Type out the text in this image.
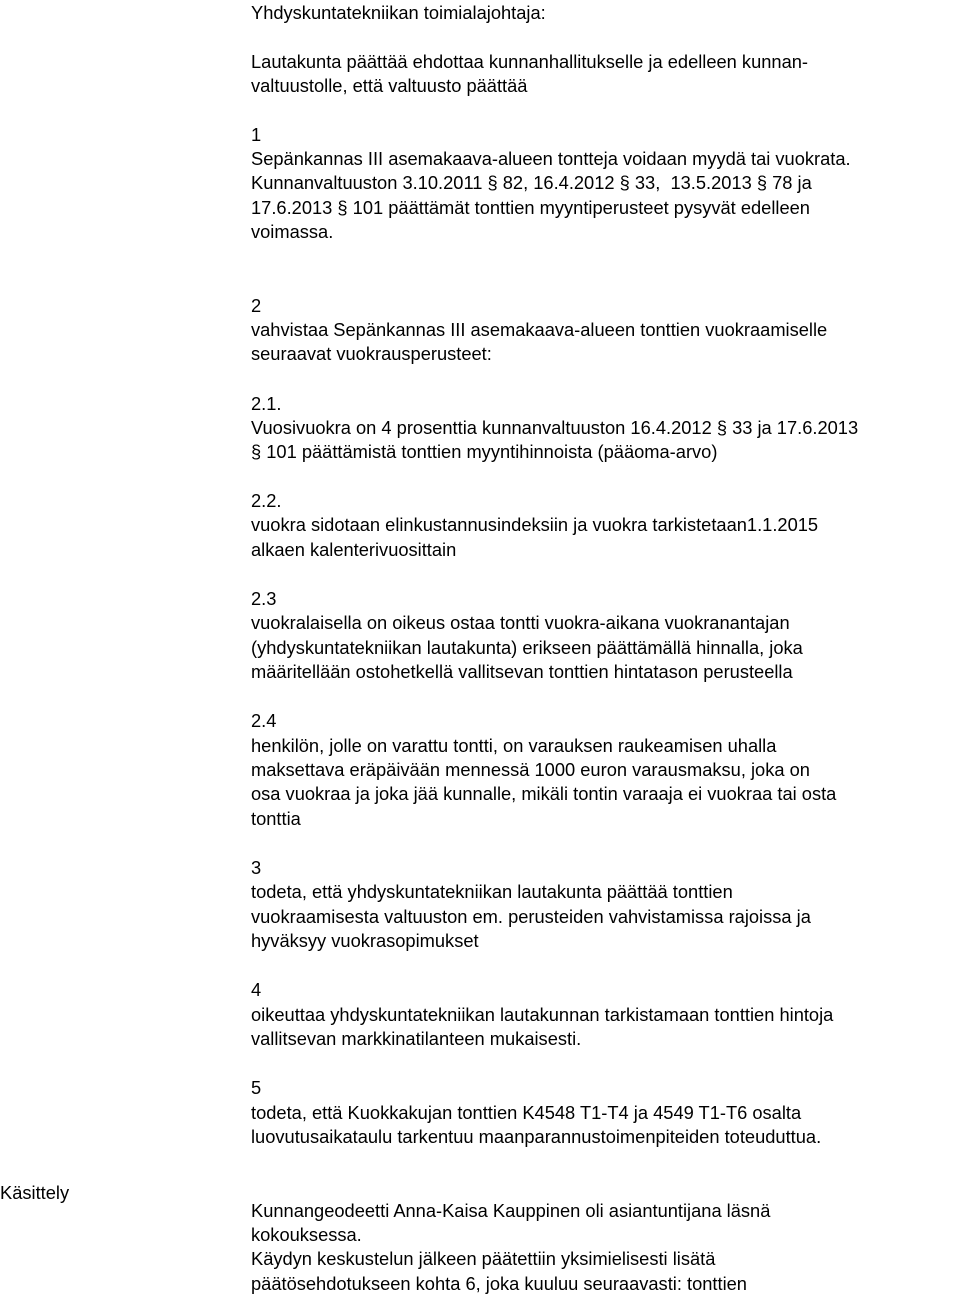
Yhdyskuntatekniikan toimialajohtaja:

Lautakunta päättää ehdottaa kunnanhallitukselle ja edelleen kunnan-

valtuustolle, että valtuusto päättää

1

Sepänkannas III asemakaava-alueen tontteja voidaan myydä tai vuokrata.

Kunnanvaltuuston 3.10.2011 § 82, 16.4.2012 § 33,  13.5.2013 § 78 ja

17.6.2013 § 101 päättämät tonttien myyntiperusteet pysyvät edelleen

voimassa.

2

vahvistaa Sepänkannas III asemakaava-alueen tonttien vuokraamiselle

seuraavat vuokrausperusteet:

2.1.

Vuosivuokra on 4 prosenttia kunnanvaltuuston 16.4.2012 § 33 ja 17.6.2013

§ 101 päättämistä tonttien myyntihinnoista (pääoma-arvo)

2.2.

vuokra sidotaan elinkustannusindeksiin ja vuokra tarkistetaan1.1.2015

alkaen kalenterivuosittain

2.3

vuokralaisella on oikeus ostaa tontti vuokra-aikana vuokranantajan

(yhdyskuntatekniikan lautakunta) erikseen päättämällä hinnalla, joka

määritellään ostohetkellä vallitsevan tonttien hintatason perusteella

2.4

henkilön, jolle on varattu tontti, on varauksen raukeamisen uhalla

maksettava eräpäivään mennessä 1000 euron varausmaksu, joka on

osa vuokraa ja joka jää kunnalle, mikäli tontin varaaja ei vuokraa tai osta

tonttia

3

todeta, että yhdyskuntatekniikan lautakunta päättää tonttien

vuokraamisesta valtuuston em. perusteiden vahvistamissa rajoissa ja

hyväksyy vuokrasopimukset

4

oikeuttaa yhdyskuntatekniikan lautakunnan tarkistamaan tonttien hintoja

vallitsevan markkinatilanteen mukaisesti.

5

todeta, että Kuokkakujan tonttien K4548 T1-T4 ja 4549 T1-T6 osalta

luovutusaikataulu tarkentuu maanparannustoimenpiteiden toteuduttua.

Kunnangeodeetti Anna-Kaisa Kauppinen oli asiantuntijana läsnä

kokouksessa.

Käydyn keskustelun jälkeen päätettiin yksimielisesti lisätä

päätösehdotukseen kohta 6, joka kuuluu seuraavasti: tonttien

Käsittely
